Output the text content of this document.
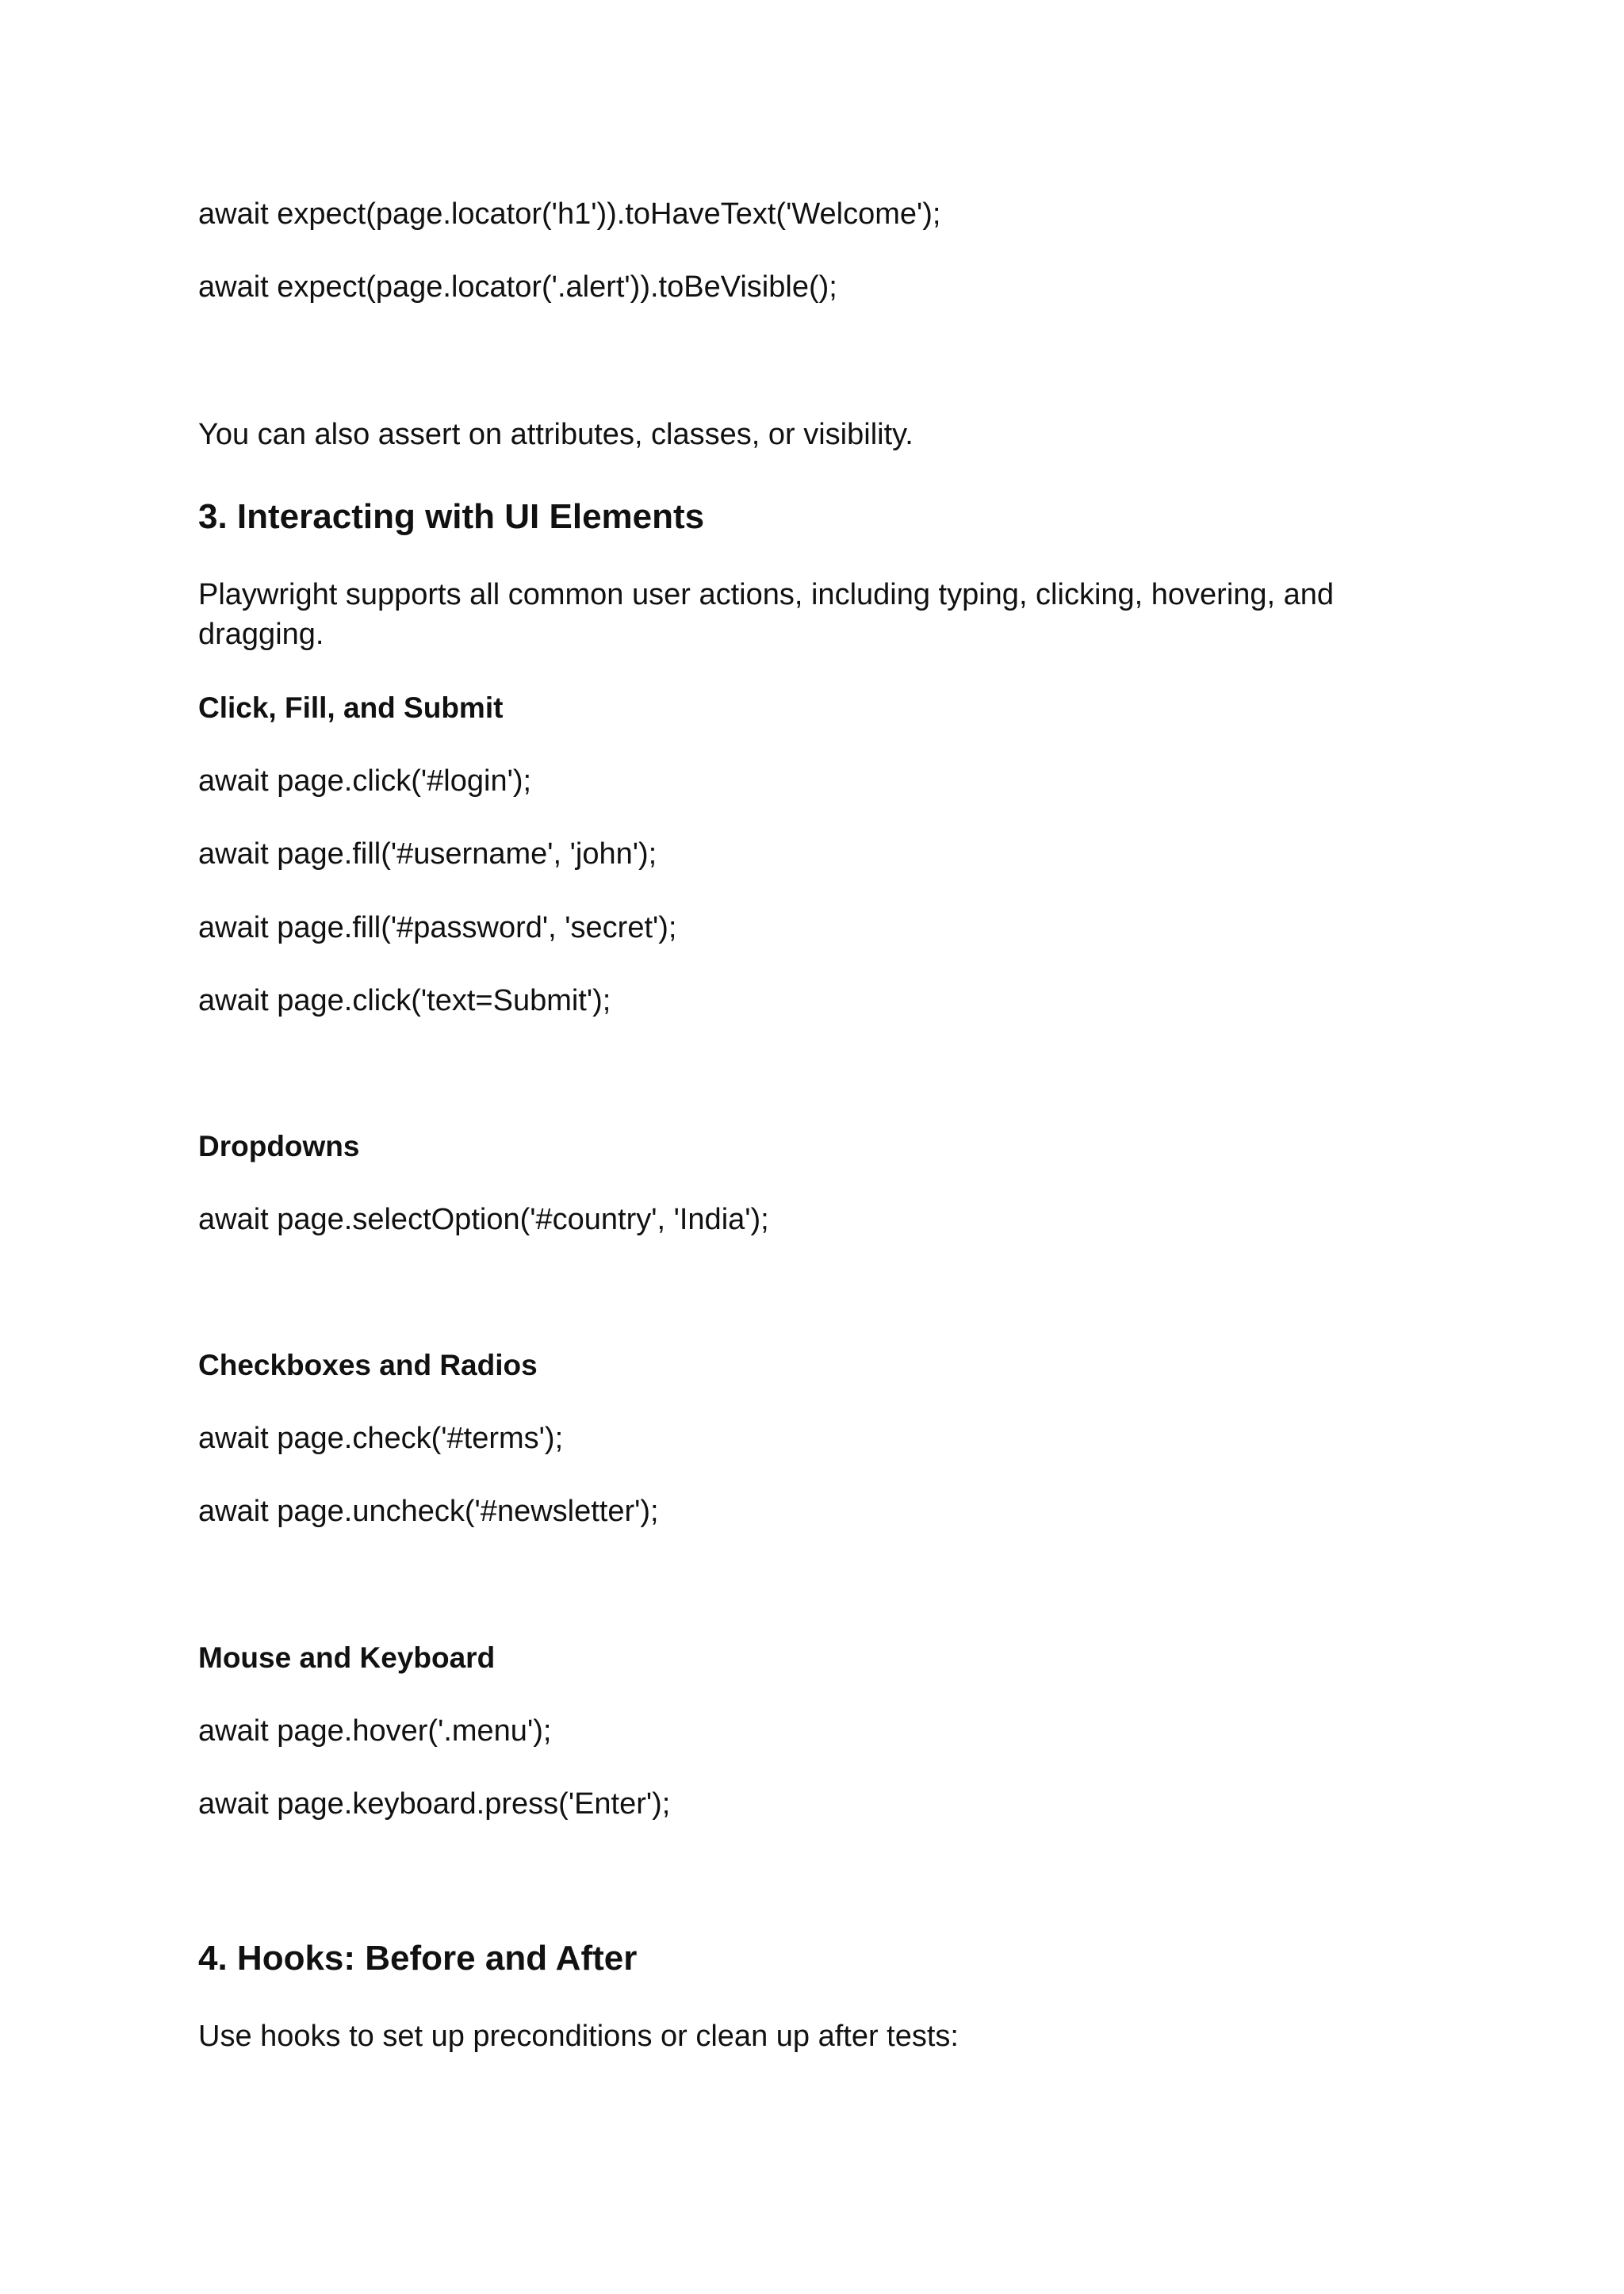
await expect(page.locator('h1')).toHaveText('Welcome');

await expect(page.locator('.alert')).toBeVisible();

You can also assert on attributes, classes, or visibility.

3. Interacting with UI Elements

Playwright supports all common user actions, including typing, clicking, hovering, and dragging.

Click, Fill, and Submit

await page.click('#login');

await page.fill('#username', 'john');

await page.fill('#password', 'secret');

await page.click('text=Submit');

Dropdowns

await page.selectOption('#country', 'India');

Checkboxes and Radios

await page.check('#terms');

await page.uncheck('#newsletter');

Mouse and Keyboard

await page.hover('.menu');

await page.keyboard.press('Enter');

4. Hooks: Before and After

Use hooks to set up preconditions or clean up after tests:
